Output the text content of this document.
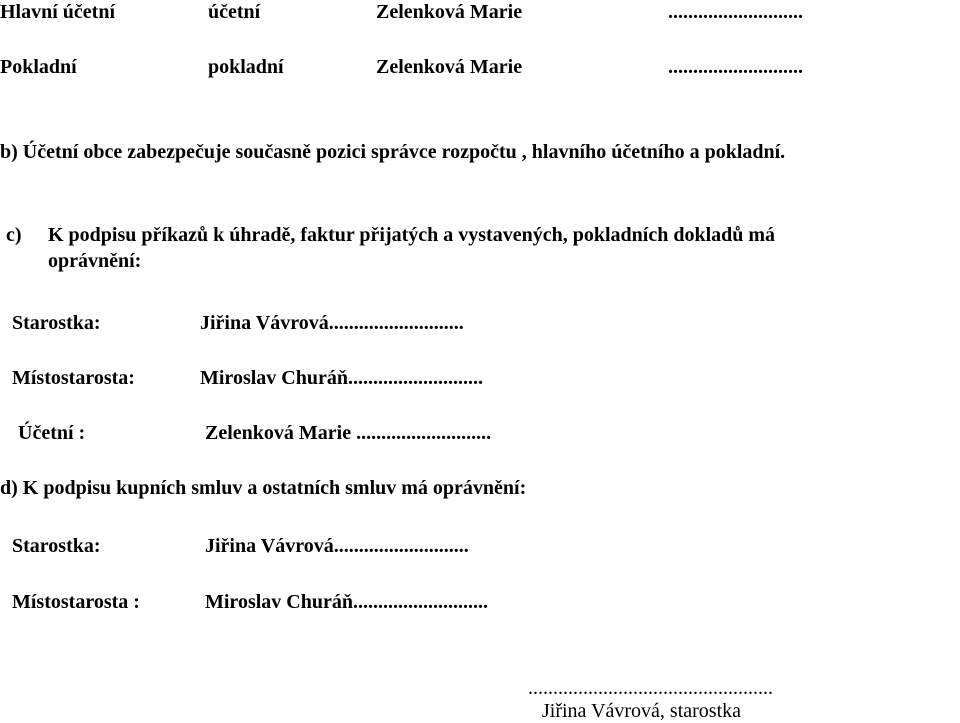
Hlavní účetní	účetní	Zelenková Marie	...........................
Pokladní	pokladní	Zelenková Marie	...........................
b) Účetní obce zabezpečuje současně pozici správce rozpočtu , hlavního účetního a pokladní.
c) K podpisu příkazů k úhradě, faktur přijatých a vystavených, pokladních dokladů má
oprávnění:
Starostka:	Jiřina Vávrová...........................
Místostarosta:	Miroslav Churáň...........................
Účetní :	Zelenková Marie ...........................
d) K podpisu kupních smluv a ostatních smluv má oprávnění:
Starostka:	Jiřina Vávrová...........................
Místostarosta :	Miroslav Churáň...........................
.................................................
Jiřina Vávrová, starostka
